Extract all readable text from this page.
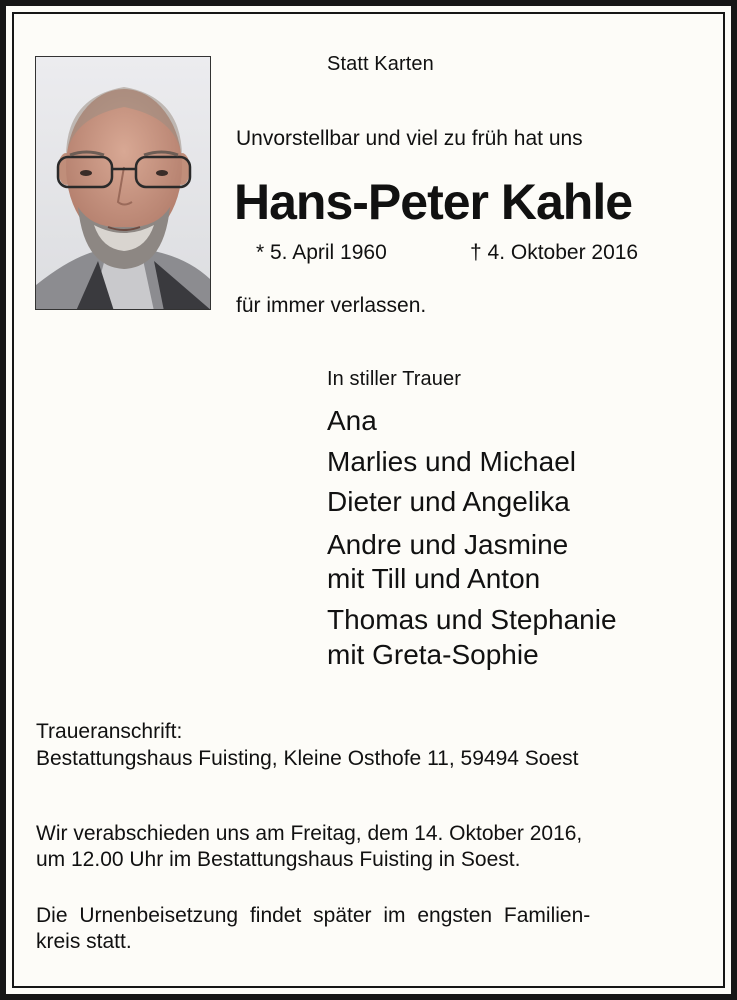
Statt Karten
Unvorstellbar und viel zu früh hat uns
Hans-Peter Kahle
* 5. April 1960	† 4. Oktober 2016
für immer verlassen.
In stiller Trauer
Ana
Marlies und Michael
Dieter und Angelika
Andre und Jasmine
mit Till und Anton
Thomas und Stephanie
mit Greta-Sophie
Traueranschrift:
Bestattungshaus Fuisting, Kleine Osthofe 11, 59494 Soest
Wir verabschieden uns am Freitag, dem 14. Oktober 2016,
um 12.00 Uhr im Bestattungshaus Fuisting in Soest.
Die Urnenbeisetzung findet später im engsten Familien-
kreis statt.
